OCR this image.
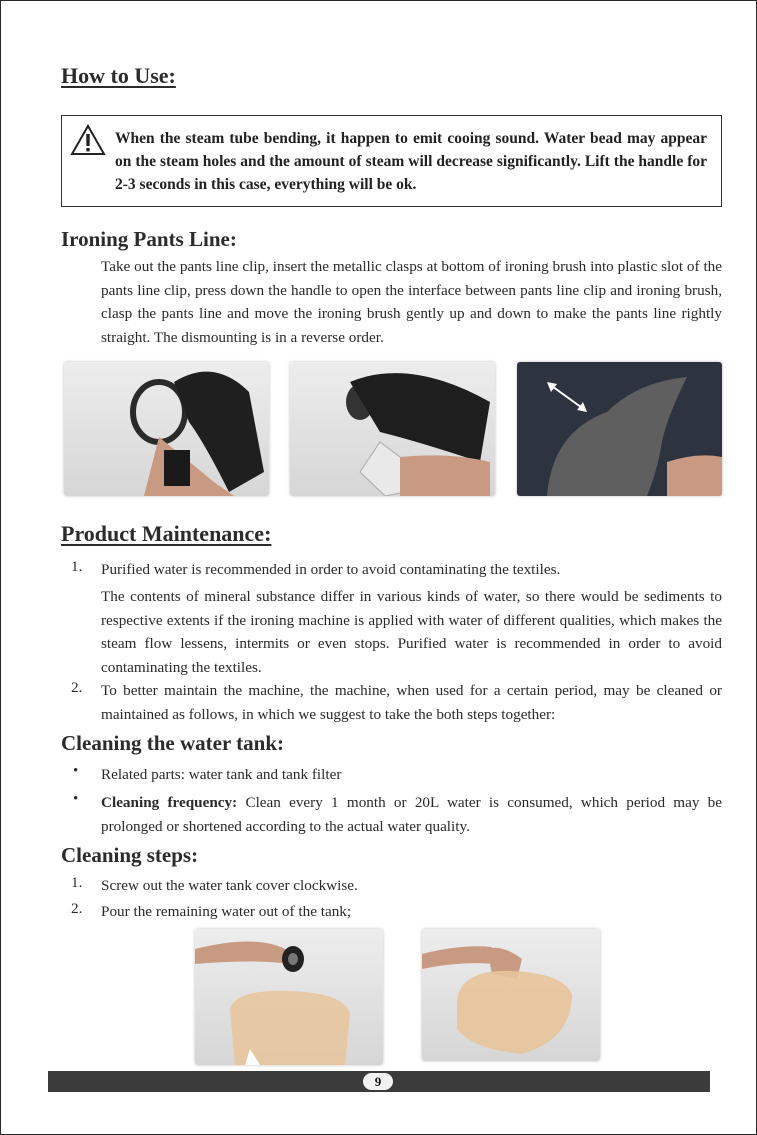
How to Use:

When the steam tube bending, it happen to emit cooing sound. Water bead may appear on the steam holes and the amount of steam will decrease significantly. Lift the handle for 2-3 seconds in this case, everything will be ok.

Ironing Pants Line:

Take out the pants line clip, insert the metallic clasps at bottom of ironing brush into plastic slot of the pants line clip, press down the handle to open the interface between pants line clip and ironing brush, clasp the pants line and move the ironing brush gently up and down to make the pants line rightly straight. The dismounting is in a reverse order.

Product Maintenance:

1. Purified water is recommended in order to avoid contaminating the textiles.

The contents of mineral substance differ in various kinds of water, so there would be sediments to respective extents if the ironing machine is applied with water of different qualities, which makes the steam flow lessens, intermits or even stops. Purified water is recommended in order to avoid contaminating the textiles.

2. To better maintain the machine, the machine, when used for a certain period, may be cleaned or maintained as follows, in which we suggest to take the both steps together:

Cleaning the water tank:

• Related parts: water tank and tank filter

• Cleaning frequency: Clean every 1 month or 20L water is consumed, which period may be prolonged or shortened according to the actual water quality.

Cleaning steps:

1. Screw out the water tank cover clockwise.

2. Pour the remaining water out of the tank;

9
